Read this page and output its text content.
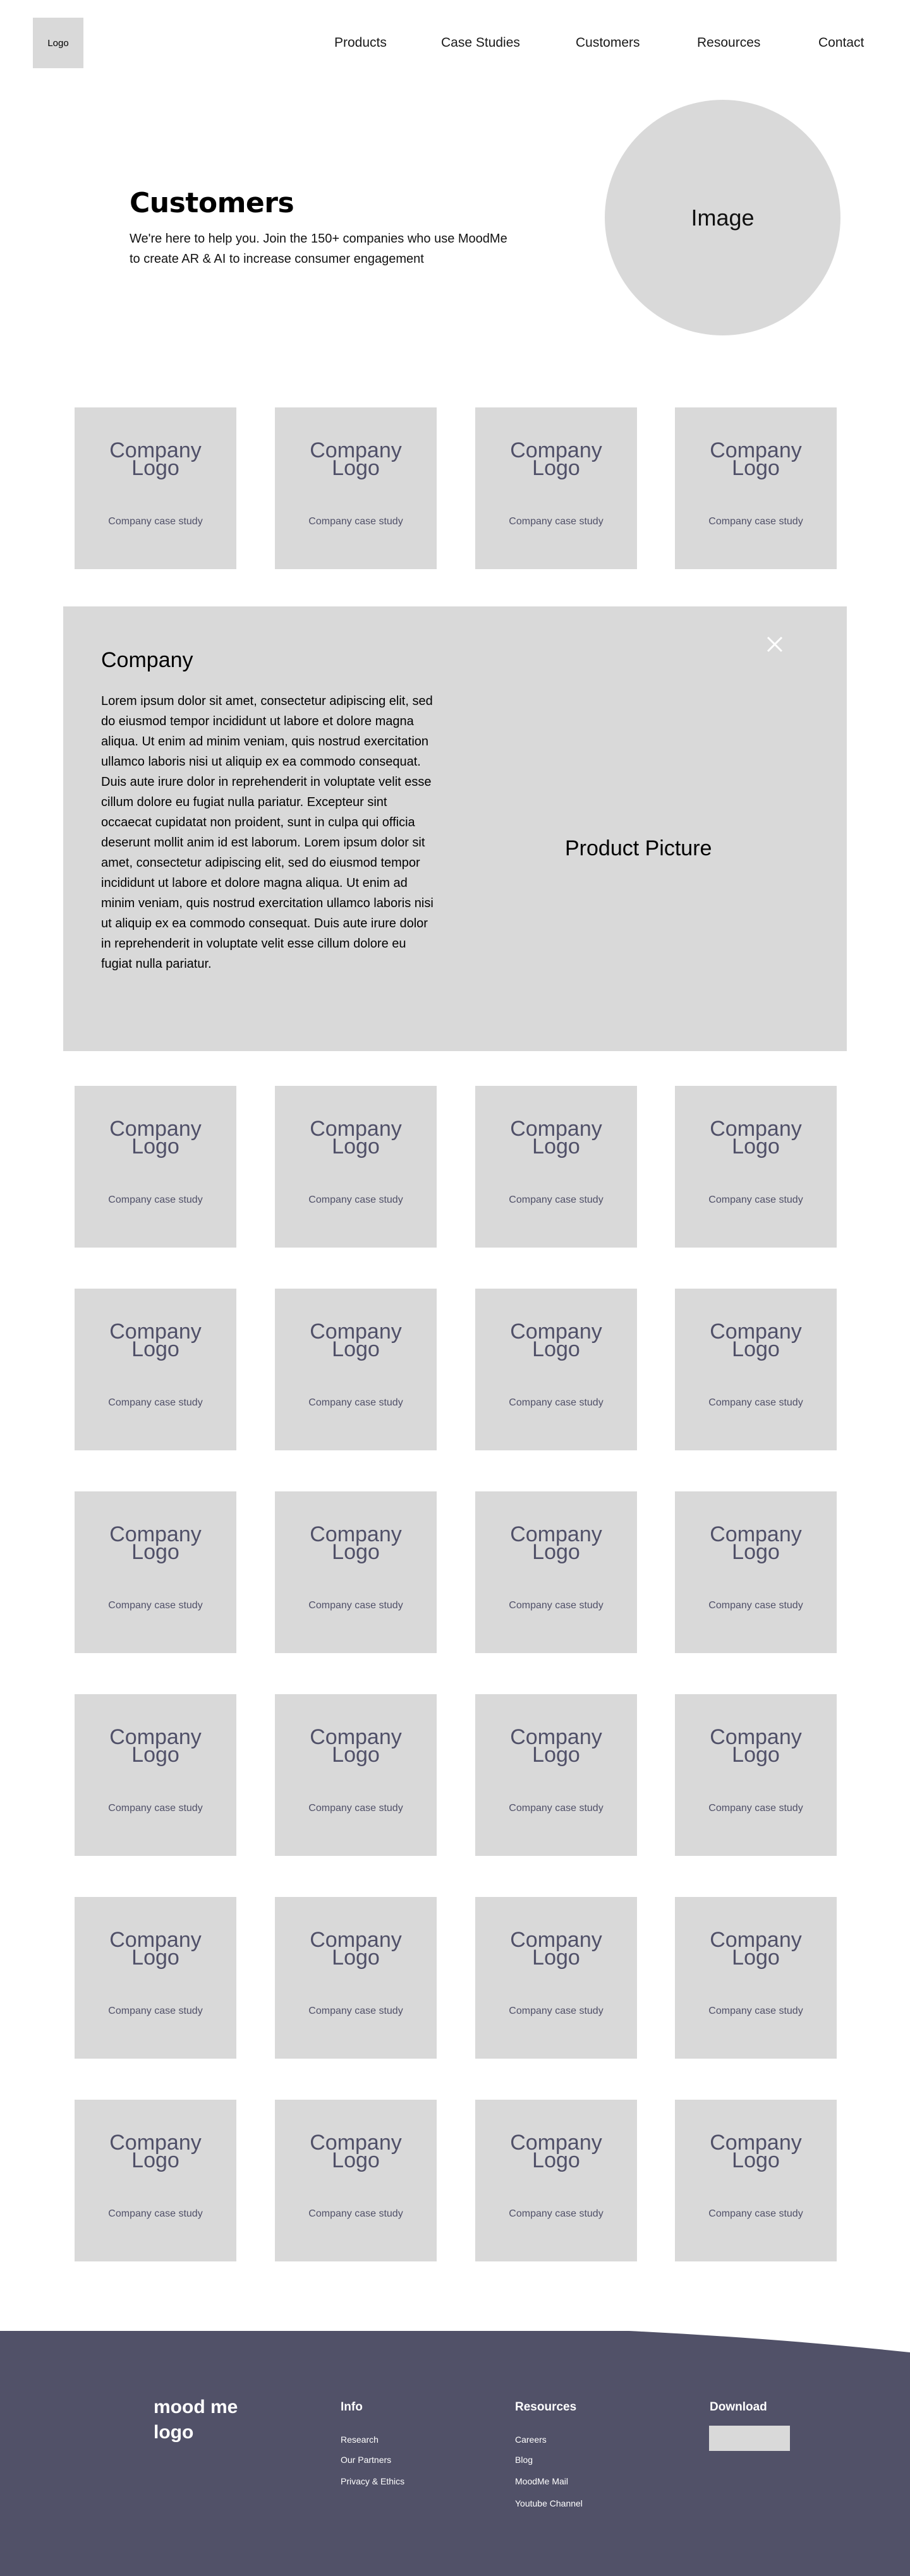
Logo	Products	Case Studies	Customers	Resources	Contact
Customers

We're here to help you. Join the 150+ companies who use MoodMe to create AR & AI to increase consumer engagement

Image
Company
Logo
Company case study
Company
Logo
Company case study
Company
Logo
Company case study
Company
Logo
Company case study
Company
Logo
Company case study
Company
Logo
Company case study
Company
Logo
Company case study
Company
Logo
Company case study
Company
Logo
Company case study
Company
Logo
Company case study
Company
Logo
Company case study
Company
Logo
Company case study
Company
Logo
Company case study
Company
Logo
Company case study
Company
Logo
Company case study
Company
Logo
Company case study
Company
Logo
Company case study
Company
Logo
Company case study
Company
Logo
Company case study
Company
Logo
Company case study
Company
Logo
Company case study
Company
Logo
Company case study
Company
Logo
Company case study
Company
Logo
Company case study
Company
Logo
Company case study
Company
Logo
Company case study
Company
Logo
Company case study
Company
Logo
Company case study
Company

Lorem ipsum dolor sit amet, consectetur adipiscing elit, sed do eiusmod tempor incididunt ut labore et dolore magna aliqua. Ut enim ad minim veniam, quis nostrud exercitation ullamco laboris nisi ut aliquip ex ea commodo consequat. Duis aute irure dolor in reprehenderit in voluptate velit esse cillum dolore eu fugiat nulla pariatur. Excepteur sint occaecat cupidatat non proident, sunt in culpa qui officia deserunt mollit anim id est laborum. Lorem ipsum dolor sit amet, consectetur adipiscing elit, sed do eiusmod tempor incididunt ut labore et dolore magna aliqua. Ut enim ad minim veniam, quis nostrud exercitation ullamco laboris nisi ut aliquip ex ea commodo consequat. Duis aute irure dolor in reprehenderit in voluptate velit esse cillum dolore eu fugiat nulla pariatur.

Product Picture
mood me
logo
Info
Research
Our Partners
Privacy & Ethics
Resources
Careers
Blog
MoodMe Mail
Youtube Channel
Download
